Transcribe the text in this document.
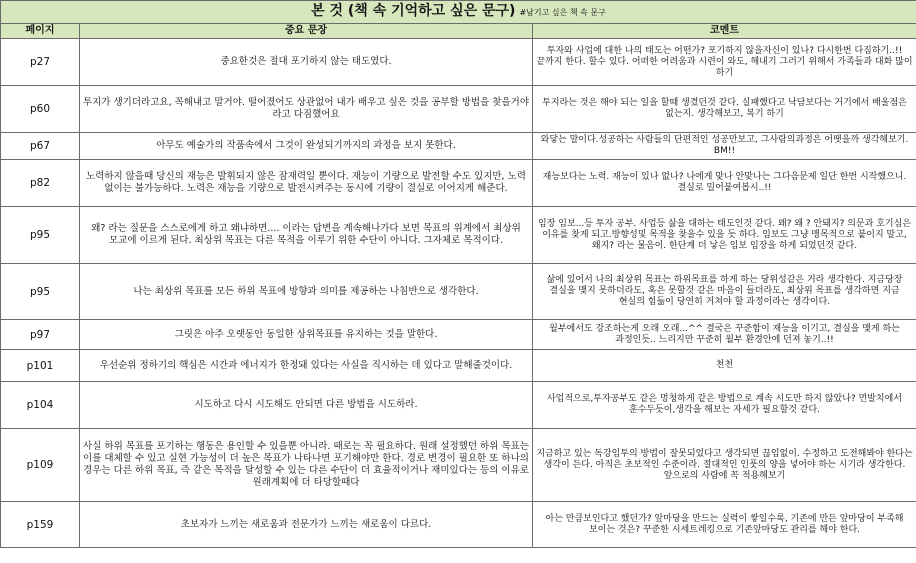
본 것 (책 속 기억하고 싶은 문구) #남기고 싶은 책 속 문구		
페이지	중요 문장	코멘트
p27	중요한것은 절대 포기하지 않는 태도였다.	투자와 사업에 대한 나의 태도는 어떤가? 포기하지 않을자신이 있나? 다시한번 다짐하기..!! 끝까지 한다. 할수 있다. 어떠한 어려움과 시련이 와도, 해내기 그러기 위해서 가족들과 대화 많이 하기
p60	투지가 생기더라고요, 꼭해내고 말거야. 떨어졌어도 상관없어 내가 배우고 싶은 것을 공부할 방법을 찾을거야 라고 다짐했어요	투지라는 것은 해야 되는 일을 할때 생겼던것 같다. 실패했다고 낙담보다는 거기에서 배울점은 없는지. 생각해보고, 복기 하기
p67	아무도 예술가의 작품속에서 그것이 완성되기까지의 과정을 보지 못한다.	와닿는 말이다.성공하는 사람들의 단편적인 성공만보고, 그사람의과정은 어땟을까 생각해보기. BM!!
p82	노력하지 않을때 당신의 재능은 발휘되지 않은 잠재력일 뿐이다. 재능이 기량으로 발전할 수도 있지만, 노력 없이는 불가능하다. 노력은 재능을 기량으로 발전시켜주는 동시에 기량이 결실로 이어지게 해준다.	재능보다는 노력. 재능이 있나 없나? 나에게 맞나 안맞나는 그다음문제 일단 한번 시작했으니. 결실로 밀어붙여봅시..!!
p95	왜? 라는 질문을 스스로에게 하고 왜냐하면.... 이라는 답변을 계속해나가다 보면 목표의 위계에서 최상위 모교에 이르게 된다. 최상위 목표는 다른 목적을 이루기 위한 수단이 아니다. 그자체로 목적이다.	임장 임보...등 투자 공부. 사업등 삶을 대하는 태도인것 같다. 왜? 왜 ? 안돼지? 의문과 호기심은 이유를 찾게 되고.방향성및 목적을 찾을수 있을 듯 하다. 임보도 그냥 맹목적으로 붙이지 말고, 왜지? 라는 물음이. 한단계 더 낳은 임보 임장을 하게 되었던것 같다.
p95	나는 최상위 목표를 모든 하위 목표에 방향과 의미를 제공하는 나침반으로 생각한다.	삶에 있어서 나의 최상위 목표는 하위목표를 하게 하는 당위성같은 거라 생각한다. 지금당장 결실을 맺지 못하더라도, 혹은 못할것 같은 마음이 들더라도, 최상위 목표를 생각하면 지금 현실의 힘듦이 당연히 거쳐야 할 과정이라는 생각이다.
p97	그릿은 아주 오랫동안 동일한 상위목표를 유지하는 것을 말한다.	월부에서도 강조하는게 오래 오래...^^ 결국은 꾸준함이 재능을 이기고, 결실을 맺게 하는 과정인듯.. 느리지만 꾸준히 월부 환경안에 던져 놓기..!!
p101	우선순위 정하기의 핵심은 시간과 에너지가 한정돼 있다는 사실을 직시하는 데 있다고 말해줄것이다.	천천
p104	시도하고 다시 시도해도 안되면 다른 방법을 시도하라.	사업적으로,투자공부도 같은 멍청하게 같은 방법으로 계속 시도만 하지 않았나? 먼발치에서 훈수두듯이,생각을 해보는 자세가 필요할것 같다.
p109	사실 하위 목표를 포기하는 행동은 용인할 수 있을뿐 아니라. 때로는 꼭 필요하다. 원래 설정했던 하위 목표는 이를 대체할 수 있고 실현 가능성이 더 높은 목표가 나타나면 포기해야만 한다. 경로 변경이 필요한 또 하나의 경우는 다른 하위 목표, 즉 같은 목적을 달성할 수 있는 다른 수단이 더 효율적이거나 재미있다는 등의 이유로 원래계획에 더 타당할때다	지금하고 있는 독강임투의 방법이 잘못되었다고 생각되면 끊임없이. 수정하고 도전해봐야 한다는 생각이 든다. 아직은 초보적인 수준이라. 절대적인 인풋의 양을 넣어야 하는 시기라 생각한다. 앞으로의 사람에 꼭 적용해보기
p159	초보자가 느끼는 새로움과 전문가가 느끼는 새로움이 다르다.	아는 만큼보인다고 했던가? 앞마당을 만드는 실력이 쌓일수록, 기존에 만든 앞마당이 부족해 보이는 것은? 꾸준한 시세트레킹으로 기존앞마당도 관리를 해야 한다.
